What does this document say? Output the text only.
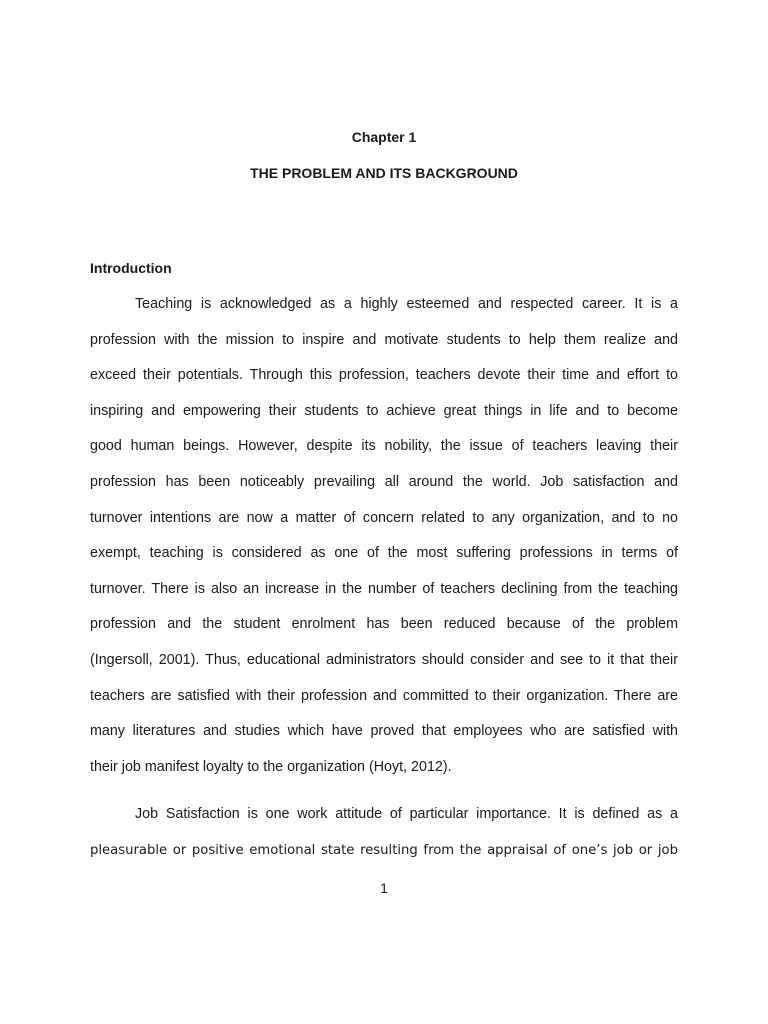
Chapter 1
THE PROBLEM AND ITS BACKGROUND
Introduction
Teaching is acknowledged as a highly esteemed and respected career. It is a
profession with the mission to inspire and motivate students to help them realize and
exceed their potentials. Through this profession, teachers devote their time and effort to
inspiring and empowering their students to achieve great things in life and to become
good human beings. However, despite its nobility, the issue of teachers leaving their
profession has been noticeably prevailing all around the world. Job satisfaction and
turnover intentions are now a matter of concern related to any organization, and to no
exempt, teaching is considered as one of the most suffering professions in terms of
turnover. There is also an increase in the number of teachers declining from the teaching
profession and the student enrolment has been reduced because of the problem
(Ingersoll, 2001). Thus, educational administrators should consider and see to it that their
teachers are satisfied with their profession and committed to their organization. There are
many literatures and studies which have proved that employees who are satisfied with
their job manifest loyalty to the organization (Hoyt, 2012).
Job Satisfaction is one work attitude of particular importance. It is defined as a
pleasurable or positive emotional state resulting from the appraisal of one’s job or job
1
